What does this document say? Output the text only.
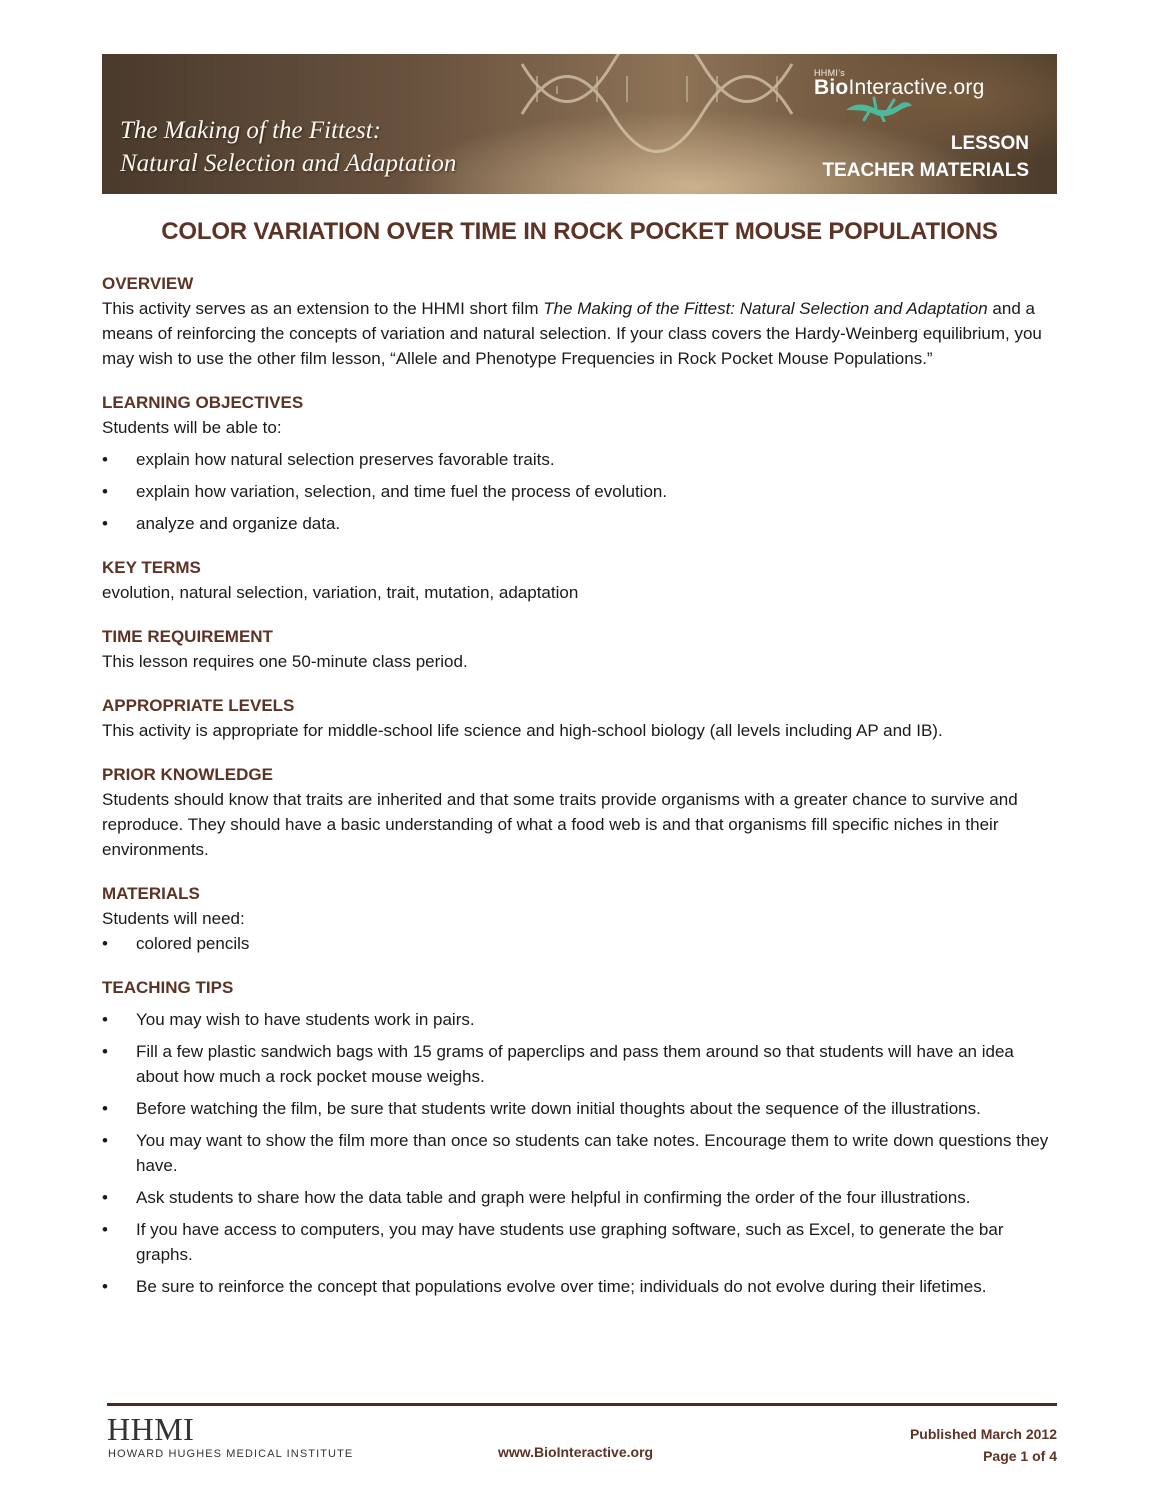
The Making of the Fittest:
Natural Selection and Adaptation
HHMI's
BioInteractive.org
LESSON
TEACHER MATERIALS
COLOR VARIATION OVER TIME IN ROCK POCKET MOUSE POPULATIONS
OVERVIEW

This activity serves as an extension to the HHMI short film The Making of the Fittest: Natural Selection and Adaptation and a means of reinforcing the concepts of variation and natural selection. If your class covers the Hardy-Weinberg equilibrium, you may wish to use the other film lesson, “Allele and Phenotype Frequencies in Rock Pocket Mouse Populations.”

LEARNING OBJECTIVES

Students will be able to:

• explain how natural selection preserves favorable traits.
• explain how variation, selection, and time fuel the process of evolution.
• analyze and organize data.
KEY TERMS

evolution, natural selection, variation, trait, mutation, adaptation

TIME REQUIREMENT

This lesson requires one 50-minute class period.

APPROPRIATE LEVELS

This activity is appropriate for middle-school life science and high-school biology (all levels including AP and IB).

PRIOR KNOWLEDGE

Students should know that traits are inherited and that some traits provide organisms with a greater chance to survive and reproduce. They should have a basic understanding of what a food web is and that organisms fill specific niches in their environments.

MATERIALS

Students will need:

• colored pencils
TEACHING TIPS
• You may wish to have students work in pairs.
• Fill a few plastic sandwich bags with 15 grams of paperclips and pass them around so that students will have an idea about how much a rock pocket mouse weighs.
• Before watching the film, be sure that students write down initial thoughts about the sequence of the illustrations.
• You may want to show the film more than once so students can take notes. Encourage them to write down questions they have.
• Ask students to share how the data table and graph were helpful in confirming the order of the four illustrations.
• If you have access to computers, you may have students use graphing software, such as Excel, to generate the bar graphs.
• Be sure to reinforce the concept that populations evolve over time; individuals do not evolve during their lifetimes.
HHMI
HOWARD HUGHES MEDICAL INSTITUTE	www.BioInteractive.org
Published March 2012
Page 1 of 4
